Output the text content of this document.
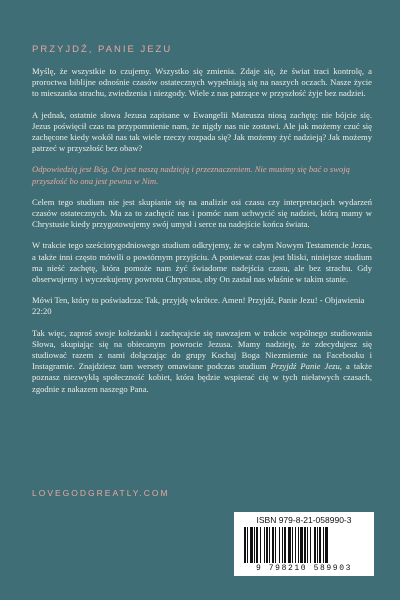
PRZYJDŹ, PANIE JEZU

Myślę, że wszystkie to czujemy. Wszystko się zmienia. Zdaje się, że świat traci kontrolę, a proroctwa biblijne odnośnie czasów ostatecznych wypełniają się na naszych oczach. Nasze życie to mieszanka strachu, zwiedzenia i niezgody. Wiele z nas patrzące w przyszłość żyje bez nadziei.

A jednak, ostatnie słowa Jezusa zapisane w Ewangelii Mateusza niosą zachętę: nie bójcie się. Jezus poświęcił czas na przypomnienie nam, że nigdy nas nie zostawi. Ale jak możemy czuć się zachęcone kiedy wokół nas tak wiele rzeczy rozpada się? Jak możemy żyć nadzieją? Jak możemy patrzeć w przyszłość bez obaw?

Odpowiedzią jest Bóg. On jest naszą nadzieją i przeznaczeniem. Nie musimy się bać o swoją przyszłość bo ona jest pewna w Nim.

Celem tego studium nie jest skupianie się na analizie osi czasu czy interpretacjach wydarzeń czasów ostatecznych. Ma za to zachęcić nas i pomóc nam uchwycić się nadziei, którą mamy w Chrystusie kiedy przygotowujemy swój umysł i serce na nadejście końca świata.

W trakcie tego sześciotygodniowego studium odkryjemy, że w całym Nowym Testamencie Jezus, a także inni często mówili o powtórnym przyjściu. A ponieważ czas jest bliski, niniejsze studium ma nieść zachętę, która pomoże nam żyć świadome nadejścia czasu, ale bez strachu. Gdy obserwujemy i wyczekujemy powrotu Chrystusa, oby On zastał nas właśnie w takim stanie.

Mówi Ten, który to poświadcza: Tak, przyjdę wkrótce. Amen! Przyjdź, Panie Jezu! - Objawienia 22:20

Tak więc, zaproś swoje koleżanki i zachęcajcie się nawzajem w trakcie wspólnego studiowania Słowa, skupiając się na obiecanym powrocie Jezusa. Mamy nadzieję, że zdecydujesz się studiować razem z nami dołączając do grupy Kochaj Boga Niezmiernie na Facebooku i Instagramie. Znajdziesz tam wersety omawiane podczas studium Przyjdź Panie Jezu, a także poznasz niezwykłą społeczność kobiet, która będzie wspierać cię w tych niełatwych czasach, zgodnie z nakazem naszego Pana.

LOVEGODGREATLY.COM
ISBN 979-8-21-058990-3
9 798210 589903
